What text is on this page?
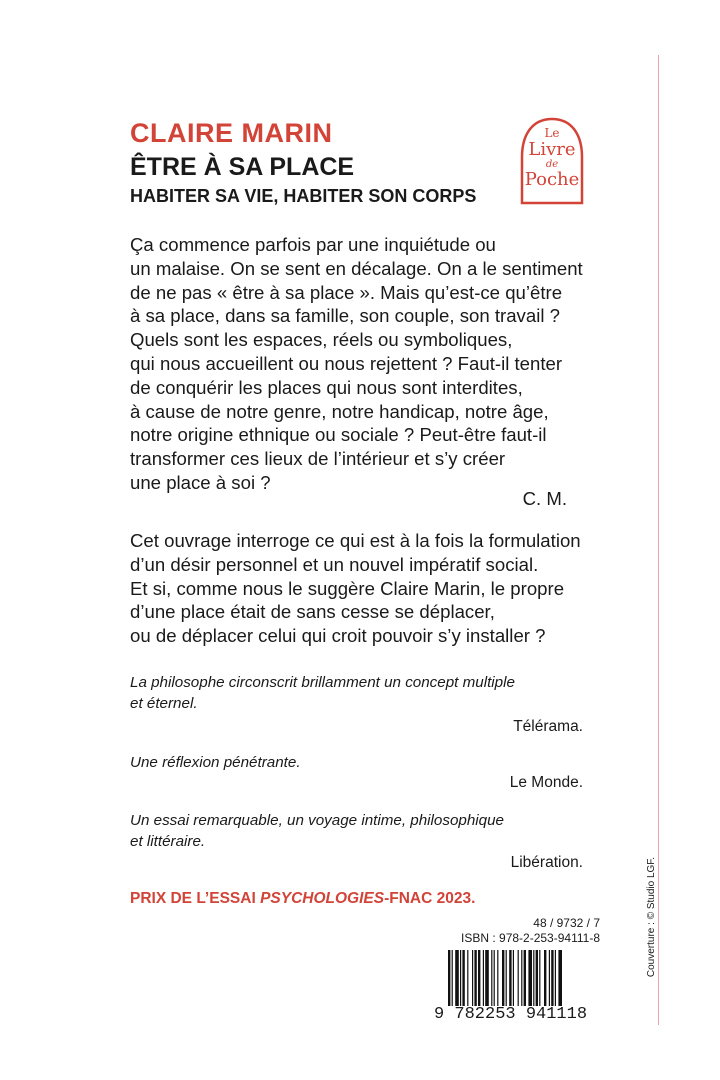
CLAIRE MARIN
ÊTRE À SA PLACE
HABITER SA VIE, HABITER SON CORPS
Le
Livre
de
Poche
Ça commence parfois par une inquiétude ou
un malaise. On se sent en décalage. On a le sentiment
de ne pas « être à sa place ». Mais qu’est-ce qu’être
à sa place, dans sa famille, son couple, son travail ?
Quels sont les espaces, réels ou symboliques,
qui nous accueillent ou nous rejettent ? Faut-il tenter
de conquérir les places qui nous sont interdites,
à cause de notre genre, notre handicap, notre âge,
notre origine ethnique ou sociale ? Peut-être faut-il
transformer ces lieux de l’intérieur et s’y créer
une place à soi ?
C. M.
Cet ouvrage interroge ce qui est à la fois la formulation
d’un désir personnel et un nouvel impératif social.
Et si, comme nous le suggère Claire Marin, le propre
d’une place était de sans cesse se déplacer,
ou de déplacer celui qui croit pouvoir s’y installer ?
La philosophe circonscrit brillamment un concept multiple
et éternel.
Télérama.
Une réflexion pénétrante.
Le Monde.
Un essai remarquable, un voyage intime, philosophique
et littéraire.
Libération.
PRIX DE L’ESSAI PSYCHOLOGIES-FNAC 2023.
48 / 9732 / 7
ISBN : 978-2-253-94111-8
9 782253 941118
Couverture : © Studio LGF.
